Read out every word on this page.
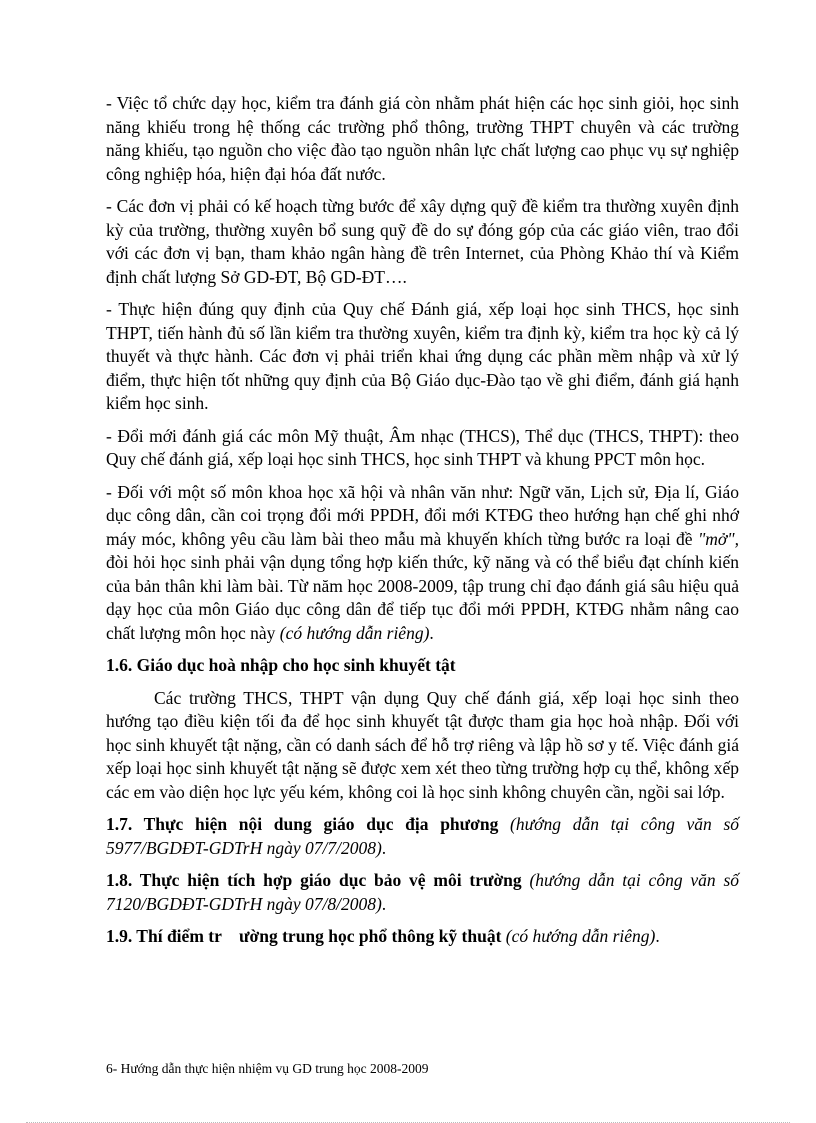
- Việc tổ chức dạy học, kiểm tra đánh giá còn nhằm phát hiện các học sinh giỏi, học sinh năng khiếu trong hệ thống các trường phổ thông, trường THPT chuyên và các trường năng khiếu, tạo nguồn cho việc đào tạo nguồn nhân lực chất lượng cao phục vụ sự nghiệp công nghiệp hóa, hiện đại hóa đất nước.

- Các đơn vị phải có kế hoạch từng bước để xây dựng quỹ đề kiểm tra thường xuyên định kỳ của trường, thường xuyên bổ sung quỹ đề do sự đóng góp của các giáo viên, trao đổi với các đơn vị bạn, tham khảo ngân hàng đề trên Internet, của Phòng Khảo thí và Kiểm định chất lượng Sở GD-ĐT, Bộ GD-ĐT….

- Thực hiện đúng quy định của Quy chế Đánh giá, xếp loại học sinh THCS, học sinh THPT, tiến hành đủ số lần kiểm tra thường xuyên, kiểm tra định kỳ, kiểm tra học kỳ cả lý thuyết và thực hành. Các đơn vị phải triển khai ứng dụng các phần mềm nhập và xử lý điểm, thực hiện tốt những quy định của Bộ Giáo dục-Đào tạo về ghi điểm, đánh giá hạnh kiểm học sinh.

- Đổi mới đánh giá các môn Mỹ thuật, Âm nhạc (THCS), Thể dục (THCS, THPT): theo Quy chế đánh giá, xếp loại học sinh THCS, học sinh THPT và khung PPCT môn học.

- Đối với một số môn khoa học xã hội và nhân văn như: Ngữ văn, Lịch sử, Địa lí, Giáo dục công dân, cần coi trọng đổi mới PPDH, đổi mới KTĐG theo hướng hạn chế ghi nhớ máy móc, không yêu cầu làm bài theo mẫu mà khuyến khích từng bước ra loại đề "mở", đòi hỏi học sinh phải vận dụng tổng hợp kiến thức, kỹ năng và có thể biểu đạt chính kiến của bản thân khi làm bài. Từ năm học 2008-2009, tập trung chỉ đạo đánh giá sâu hiệu quả dạy học của môn Giáo dục công dân để tiếp tục đổi mới PPDH, KTĐG nhằm nâng cao chất lượng môn học này (có hướng dẫn riêng).

1.6. Giáo dục hoà nhập cho học sinh khuyết tật

Các trường THCS, THPT vận dụng Quy chế đánh giá, xếp loại học sinh theo hướng tạo điều kiện tối đa để học sinh khuyết tật được tham gia học hoà nhập. Đối với học sinh khuyết tật nặng, cần có danh sách để hỗ trợ riêng và lập hồ sơ y tế. Việc đánh giá xếp loại học sinh khuyết tật nặng sẽ được xem xét theo từng trường hợp cụ thể, không xếp các em vào diện học lực yếu kém, không coi là học sinh không chuyên cần, ngồi sai lớp.

1.7. Thực hiện nội dung giáo dục địa phương (hướng dẫn tại công văn số 5977/BGDĐT-GDTrH ngày 07/7/2008).
1.8. Thực hiện tích hợp giáo dục bảo vệ môi trường (hướng dẫn tại công văn số 7120/BGDĐT-GDTrH ngày 07/8/2008).
1.9. Thí điểm tr    ường trung học phổ thông kỹ thuật (có hướng dẫn riêng).
6- Hướng dẫn thực hiện nhiệm vụ GD trung học 2008-2009
